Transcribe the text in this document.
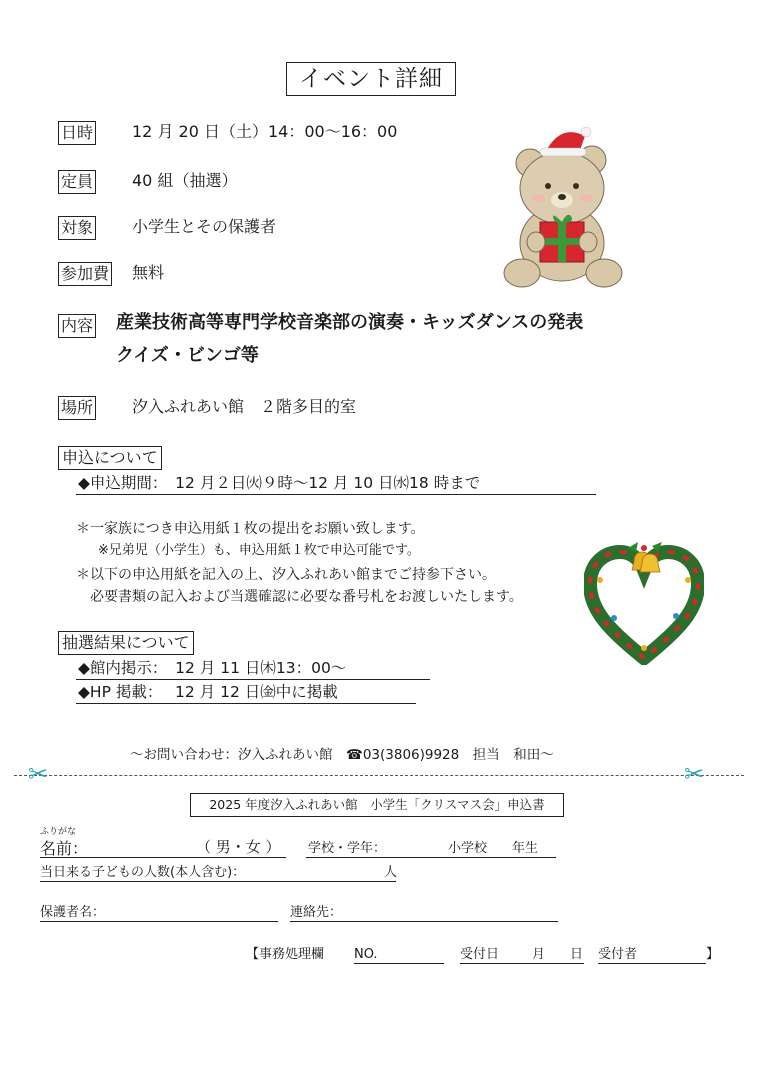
イベント詳細
日時 12 月 20 日（土）14：00～16：00
定員 40 組（抽選）
対象 小学生とその保護者
参加費 無料
内容 産業技術高等専門学校音楽部の演奏・キッズダンスの発表
クイズ・ビンゴ等
場所 汐入ふれあい館　２階多目的室
申込について
◆申込期間：　12 月２日㈫９時～12 月 10 日㈬18 時まで
＊一家族につき申込用紙１枚の提出をお願い致します。
※兄弟児（小学生）も、申込用紙１枚で申込可能です。
＊以下の申込用紙を記入の上、汐入ふれあい館までご持参下さい。
必要書類の記入および当選確認に必要な番号札をお渡しいたします。
抽選結果について
◆館内掲示：　12 月 11 日㈭13：00～
◆HP 掲載：　 12 月 12 日㈮中に掲載
～お問い合わせ：汐入ふれあい館　☎03(3806)9928　担当　和田～
✂	✂
2025 年度汐入ふれあい館　小学生「クリスマス会」申込書
ふりがな
名前：	（ 男・女 ） 学校・学年：	小学校 年生
当日来る子どもの人数(本人含む)：	人
保護者名：	連絡先：
【事務処理欄 NO.	受付日	月 日 受付者	】
